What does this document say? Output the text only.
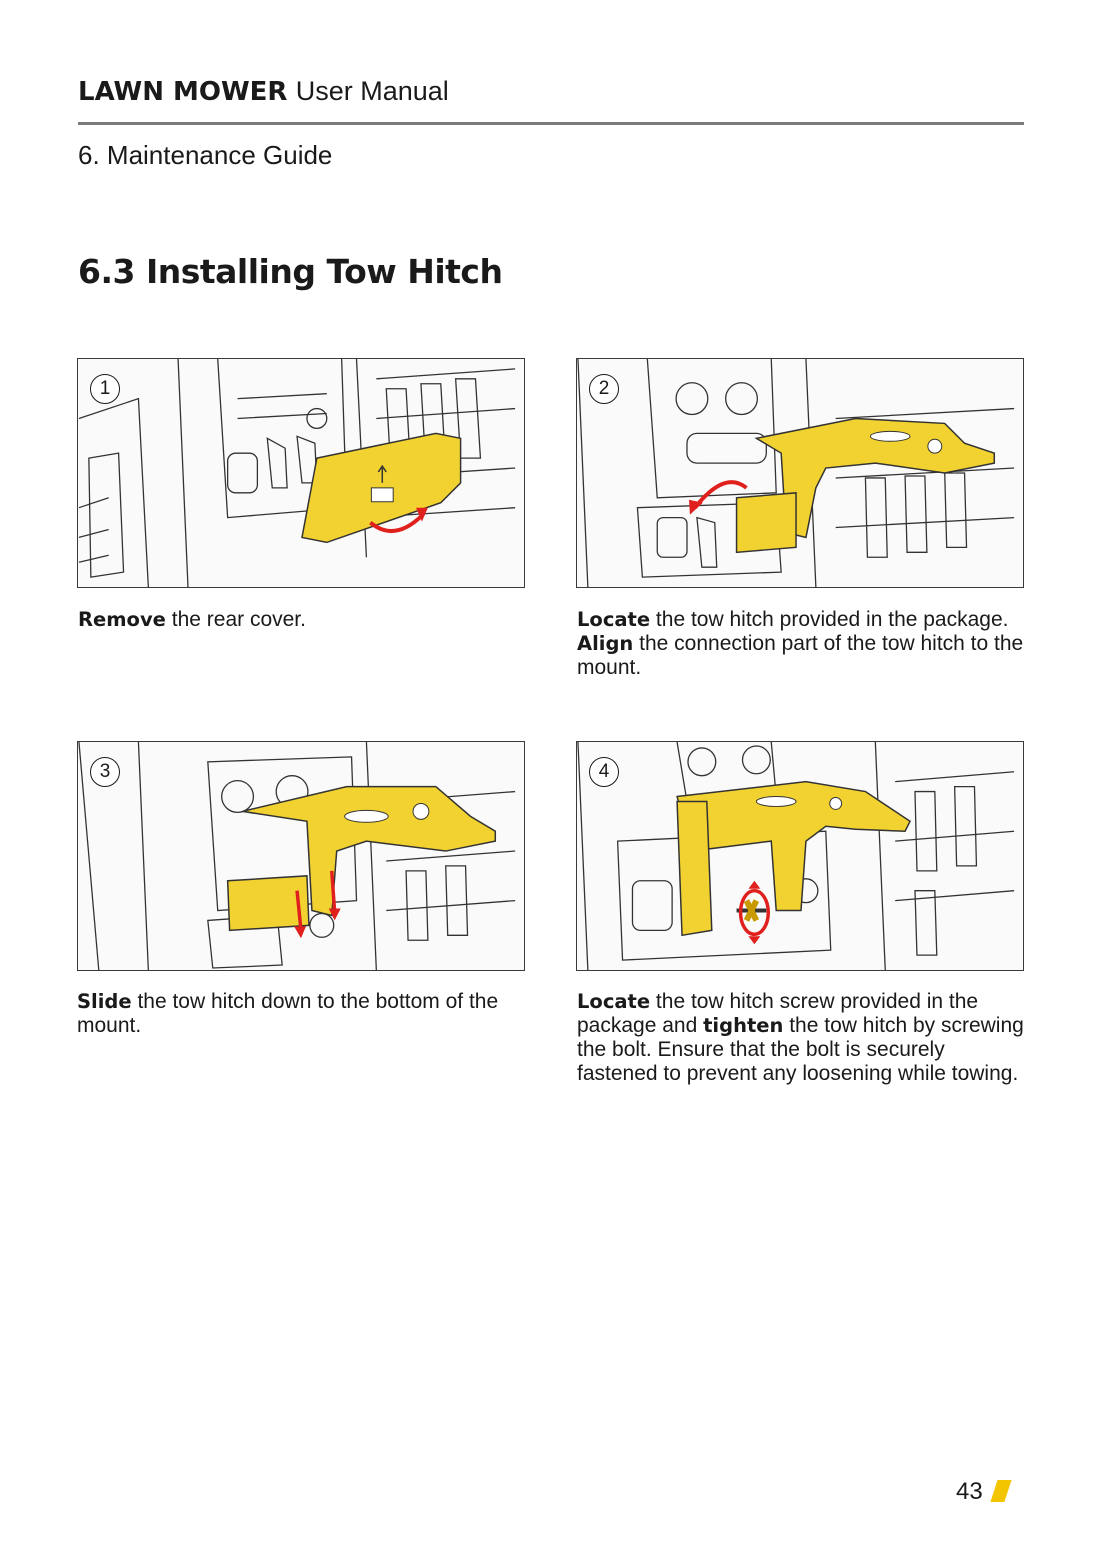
LAWN MOWER User Manual
6. Maintenance Guide
6.3 Installing Tow Hitch
1
Remove the rear cover.
2
Locate the tow hitch provided in the package. Align the connection part of the tow hitch to the mount.
3
Slide the tow hitch down to the bottom of the mount.
4
Locate the tow hitch screw provided in the package and tighten the tow hitch by screwing the bolt. Ensure that the bolt is securely fastened to prevent any loosening while towing.
43
